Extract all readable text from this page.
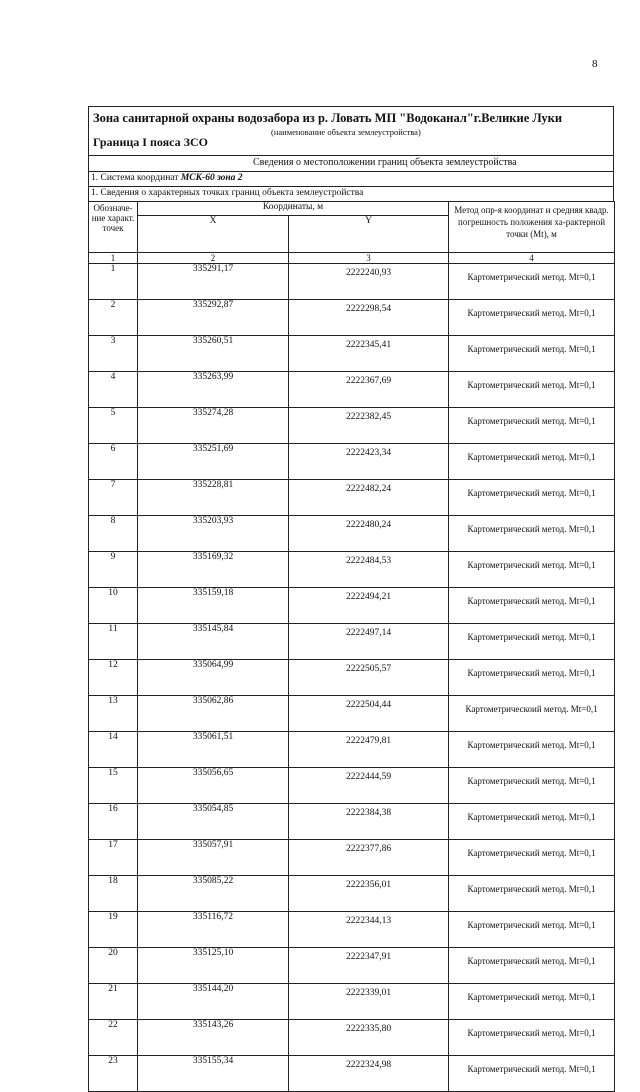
8
Зона санитарной охраны водозабора из р. Ловать МП "Водоканал"г.Великие Луки
(наименование объекта землеустройства)
Граница I пояса ЗСО
Сведения о местоположении границ объекта землеустройства
1. Система координат МСК-60 зона 2
1. Сведения о характерных точках границ объекта землеустройства
Обозначе-ние характ. точек	Координаты, м		Метод опр-я координат и средняя квадр. погрешность положения ха-рактерной точки (Mt), м
	X	Y	
1	2	3	4
1	335291,17	2222240,93	Картометрический метод. Mt=0,1
2	335292,87	2222298,54	Картометрический метод. Mt=0,1
3	335260,51	2222345,41	Картометрический метод. Mt=0,1
4	335263,99	2222367,69	Картометрический метод. Mt=0,1
5	335274,28	2222382,45	Картометрический метод. Mt=0,1
6	335251,69	2222423,34	Картометрический метод. Mt=0,1
7	335228,81	2222482,24	Картометрический метод. Mt=0,1
8	335203,93	2222480,24	Картометрический метод. Mt=0,1
9	335169,32	2222484,53	Картометрический метод. Mt=0,1
10	335159,18	2222494,21	Картометрический метод. Mt=0,1
11	335145,84	2222497,14	Картометрический метод. Mt=0,1
12	335064,99	2222505,57	Картометрический метод. Mt=0,1
13	335062,86	2222504,44	Картометрическоий метод. Mt=0,1
14	335061,51	2222479,81	Картометрический метод. Mt=0,1
15	335056,65	2222444,59	Картометрический метод. Mt=0,1
16	335054,85	2222384,38	Картометрический метод. Mt=0,1
17	335057,91	2222377,86	Картометрический метод. Mt=0,1
18	335085,22	2222356,01	Картометрический метод. Mt=0,1
19	335116,72	2222344,13	Картометрический метод. Mt=0,1
20	335125,10	2222347,91	Картометрический метод. Mt=0,1
21	335144,20	2222339,01	Картометрический метод. Mt=0,1
22	335143,26	2222335,80	Картометрический метод. Mt=0,1
23	335155,34	2222324,98	Картометрический метод. Mt=0,1
